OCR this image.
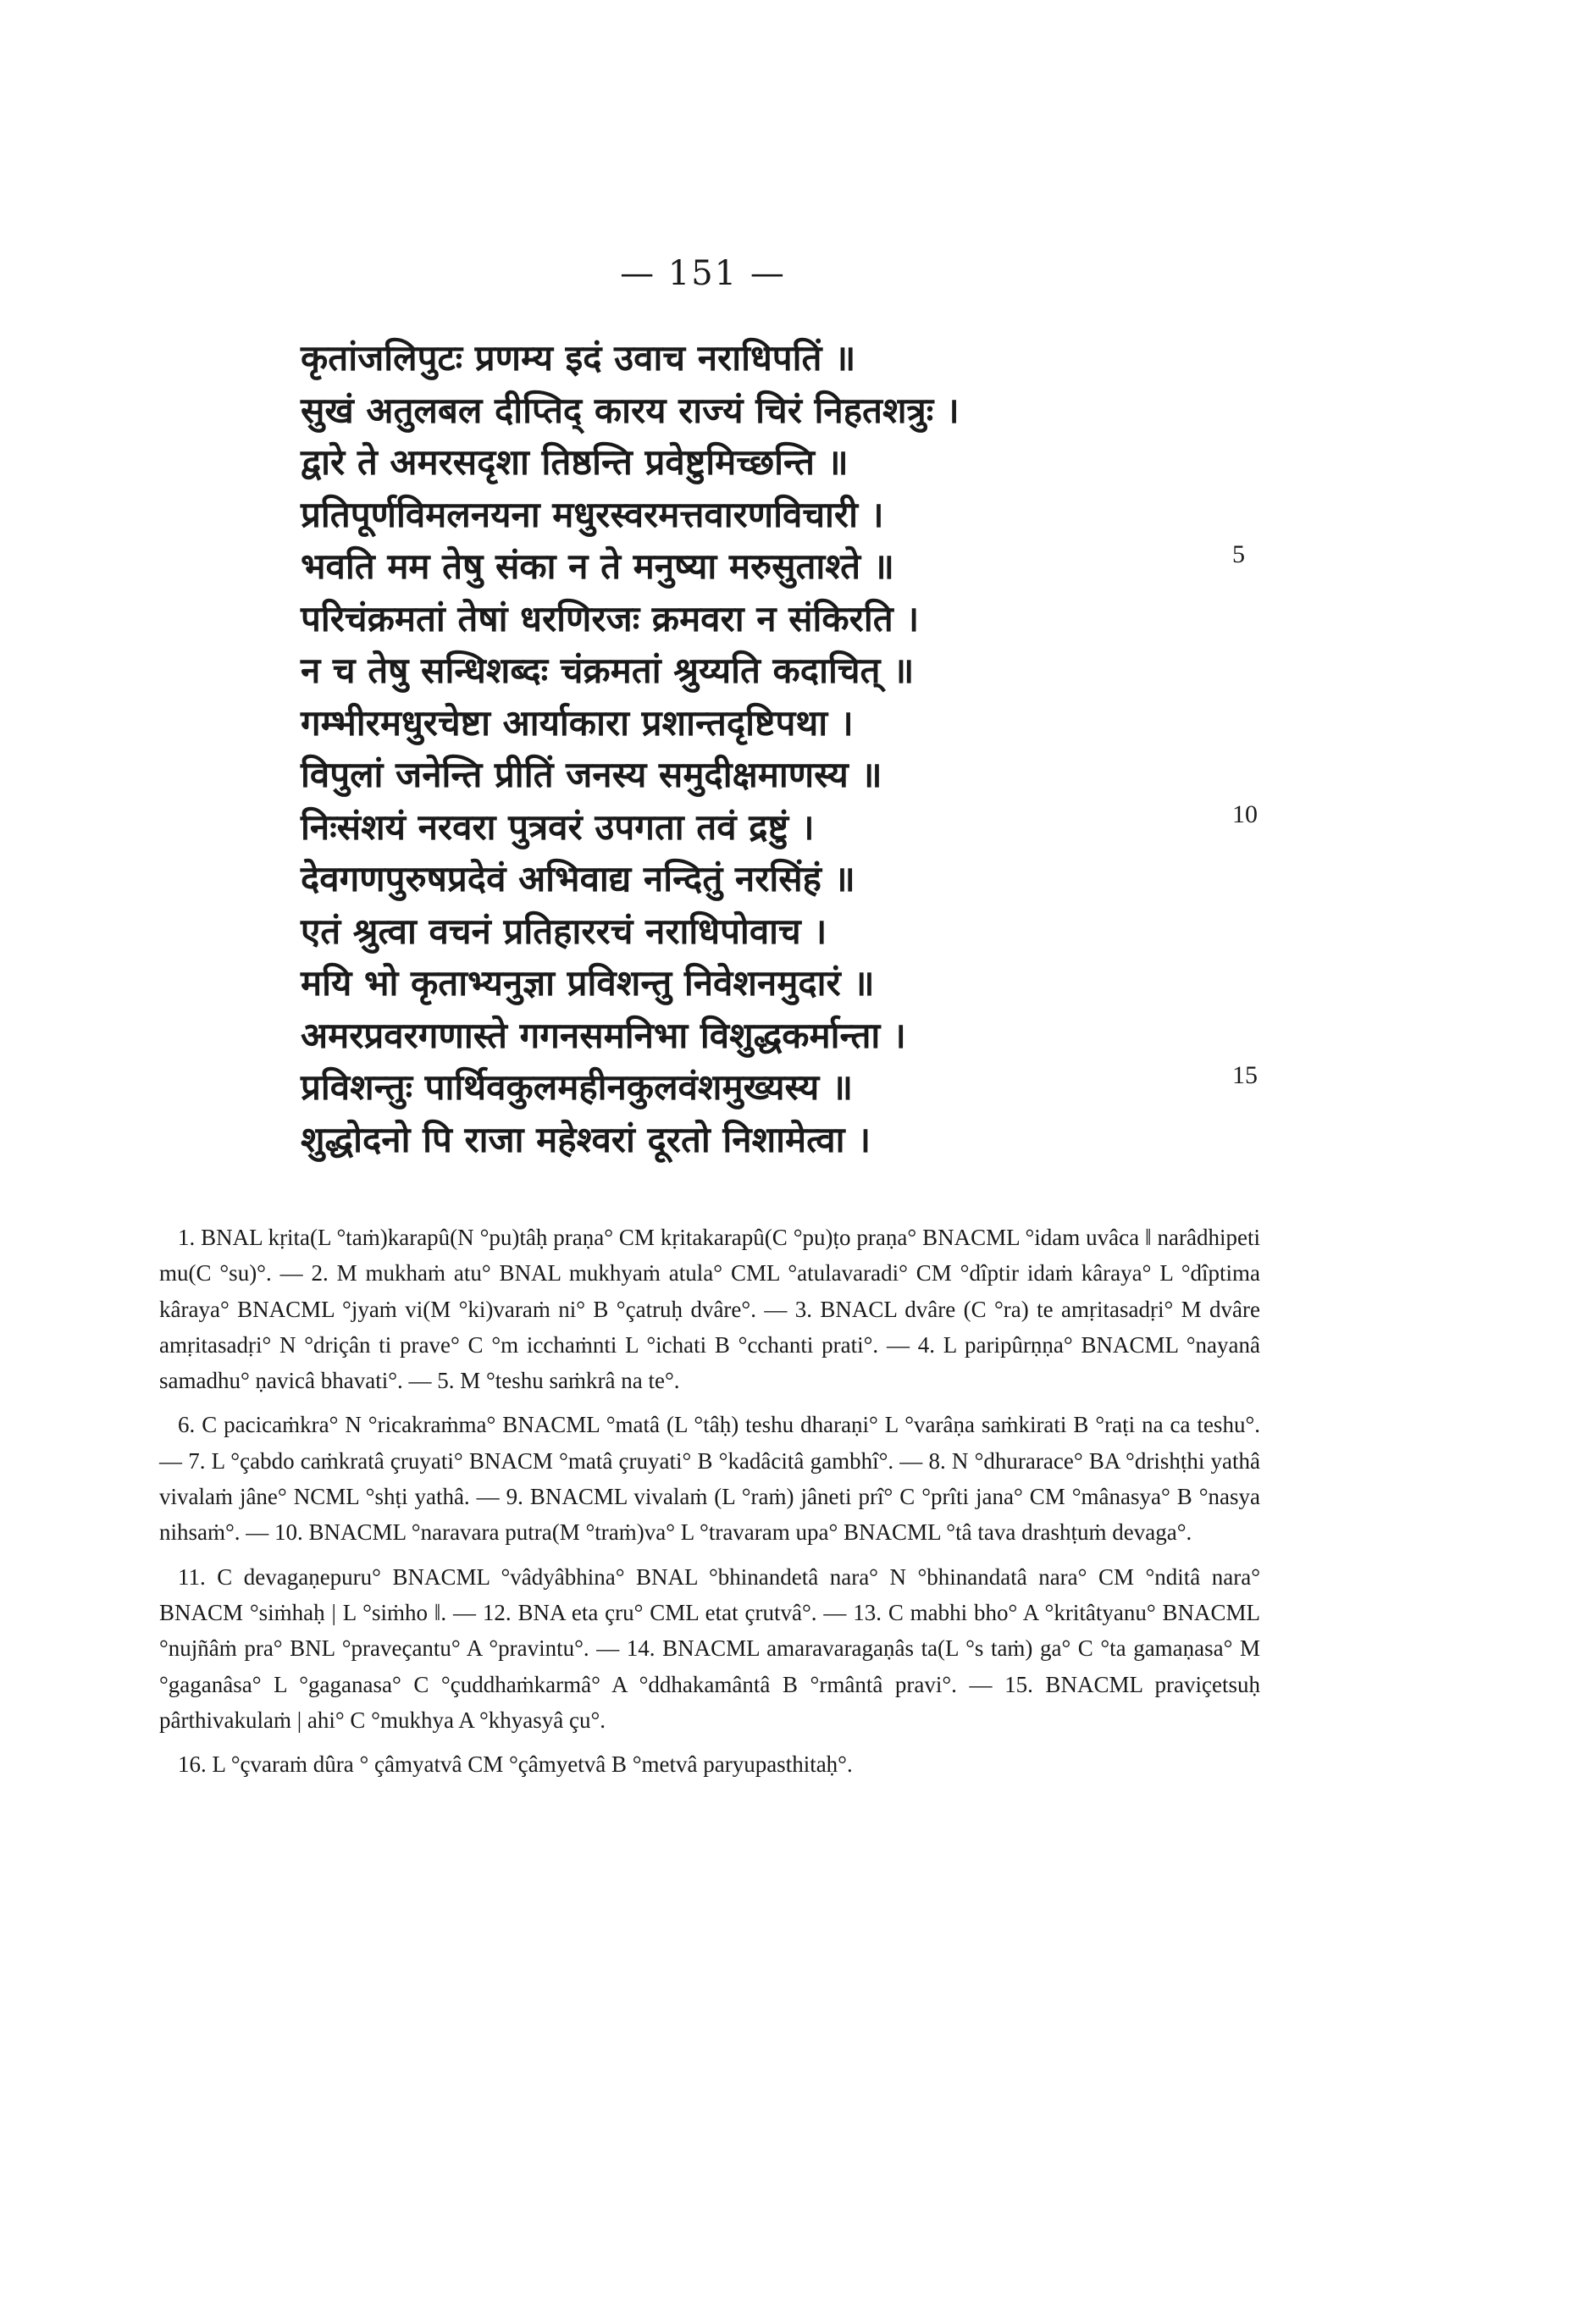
— 151 —
कृतांजलिपुटः प्रणम्य इदं उवाच नराधिपतिं ॥
सुखं अतुलबल दीप्तिद् कारय राज्यं चिरं निहतशत्रुः ।
द्वारे ते अमरसदृशा तिष्ठन्ति प्रवेष्टुमिच्छन्ति ॥
प्रतिपूर्णविमलनयना मधुरस्वरमत्तवारणविचारी ।
भवति मम तेषु संका न ते मनुष्या मरुसुताश्ते ॥
परिचंक्रमतां तेषां धरणिरजः क्रमवरा न संकिरति ।
न च तेषु सन्धिशब्दः चंक्रमतां श्रुय्यति कदाचित् ॥
गम्भीरमधुरचेष्टा आर्याकारा प्रशान्तदृष्टिपथा ।
विपुलां जनेन्ति प्रीतिं जनस्य समुदीक्षमाणस्य ॥
निःसंशयं नरवरा पुत्रवरं उपगता तवं द्रष्टुं ।
देवगणपुरुषप्रदेवं अभिवाद्य नन्दितुं नरसिंहं ॥
एतं श्रुत्वा वचनं प्रतिहाररचं नराधिपोवाच ।
मयि भो कृताभ्यनुज्ञा प्रविशन्तु निवेशनमुदारं ॥
अमरप्रवरगणास्ते गगनसमनिभा विशुद्धकर्मान्ता ।
प्रविशन्तुः पार्थिवकुलमहीनकुलवंशमुख्यस्य ॥
शुद्धोदनो पि राजा महेश्वरां दूरतो निशामेत्वा ।
5
10
15

1. BNAL kṛita(L °taṁ)karapû(N °pu)tâḥ praṇa° CM kṛitakarapû(C °pu)ṭo praṇa° BNACML °idam uvâca ‖ narâdhipeti mu(C °su)°. — 2. M mukhaṁ atu° BNAL mukhyaṁ atula° CML °atulavaradi° CM °dîptir idaṁ kâraya° L °dîptima kâraya° BNACML °jyaṁ vi(M °ki)varaṁ ni° B °çatruḥ dvâre°. — 3. BNACL dvâre (C °ra) te amṛitasadṛi° M dvâre amṛitasadṛi° N °driçân ti prave° C °m icchaṁnti L °ichati B °cchanti prati°. — 4. L paripûrṇṇa° BNACML °nayanâ samadhu° ṇavicâ bhavati°. — 5. M °teshu saṁkrâ na te°.

6. C pacicaṁkra° N °ricakraṁma° BNACML °matâ (L °tâḥ) teshu dharaṇi° L °varâṇa saṁkirati B °raṭi na ca teshu°. — 7. L °çabdo caṁkratâ çruyati° BNACM °matâ çruyati° B °kadâcitâ gambhî°. — 8. N °dhurarace° BA °drishṭhi yathâ vivalaṁ jâne° NCML °shṭi yathâ. — 9. BNACML vivalaṁ (L °raṁ) jâneti prî° C °prîti jana° CM °mânasya° B °nasya nihsaṁ°. — 10. BNACML °naravara putra(M °traṁ)va° L °travaram upa° BNACML °tâ tava drashṭuṁ devaga°.

11. C devagaṇepuru° BNACML °vâdyâbhina° BNAL °bhinandetâ nara° N °bhinandatâ nara° CM °nditâ nara° BNACM °siṁhaḥ | L °siṁho ‖. — 12. BNA eta çru° CML etat çrutvâ°. — 13. C mabhi bho° A °kritâtyanu° BNACML °nujñâṁ pra° BNL °praveçantu° A °pravintu°. — 14. BNACML amaravaragaṇâs ta(L °s taṁ) ga° C °ta gamaṇasa° M °gaganâsa° L °gaganasa° C °çuddhaṁkarmâ° A °ddhakamântâ B °rmântâ pravi°. — 15. BNACML praviçetsuḥ pârthivakulaṁ | ahi° C °mukhya A °khyasyâ çu°.

16. L °çvaraṁ dûra ° çâmyatvâ CM °çâmyetvâ B °metvâ paryupasthitaḥ°.
